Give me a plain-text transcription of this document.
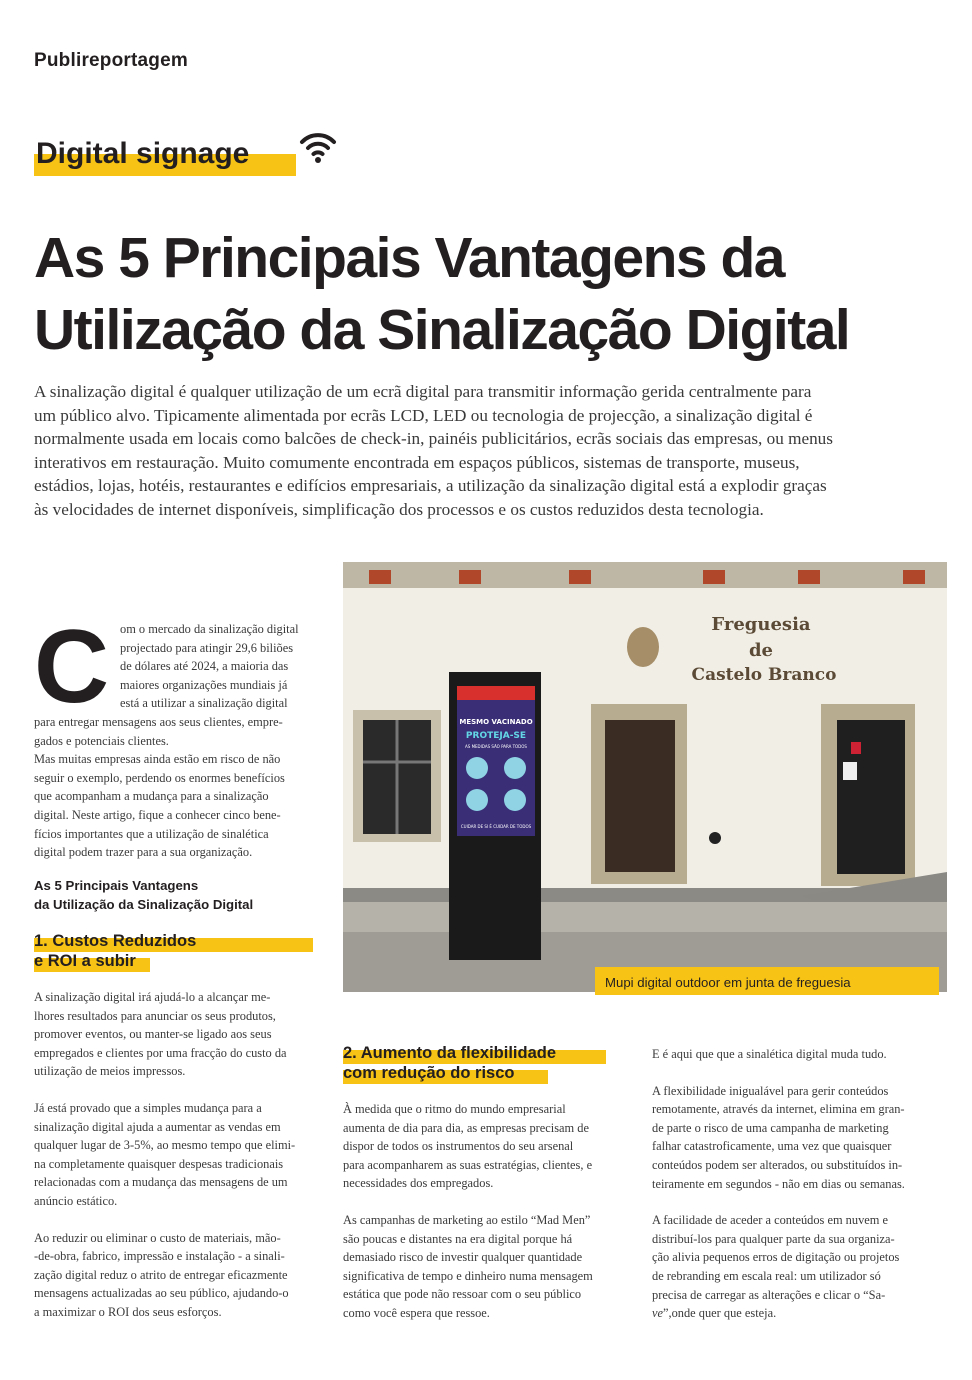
Publireportagem
Digital signage
As 5 Principais Vantagens da
Utilização da Sinalização Digital

A sinalização digital é qualquer utilização de um ecrã digital para transmitir informação gerida centralmente para

um público alvo. Tipicamente alimentada por ecrãs LCD, LED ou tecnologia de projecção, a sinalização digital é

normalmente usada em locais como balcões de check-in, painéis publicitários, ecrãs sociais das empresas, ou menus

interativos em restauração. Muito comumente encontrada em espaços públicos, sistemas de transporte, museus,

estádios, lojas, hotéis, restaurantes e edifícios empresariais, a utilização da sinalização digital está a explodir graças

às velocidades de internet disponíveis, simplificação dos processos e os custos reduzidos desta tecnologia.

C om o mercado da sinalização digital
projectado para atingir 29,6 biliões
de dólares até 2024, a maioria das
maiores organizações mundiais já
está a utilizar a sinalização digital

para entregar mensagens aos seus clientes, empre-

gados e potenciais clientes.

Mas muitas empresas ainda estão em risco de não

seguir o exemplo, perdendo os enormes benefícios

que acompanham a mudança para a sinalização

digital. Neste artigo, fique a conhecer cinco bene-

fícios importantes que a utilização de sinalética

digital podem trazer para a sua organização.

As 5 Principais Vantagens
da Utilização da Sinalização Digital
1. Custos Reduzidos
e ROI a subir

A sinalização digital irá ajudá-lo a alcançar me-

lhores resultados para anunciar os seus produtos,

promover eventos, ou manter-se ligado aos seus

empregados e clientes por uma fracção do custo da

utilização de meios impressos.

Já está provado que a simples mudança para a

sinalização digital ajuda a aumentar as vendas em

qualquer lugar de 3-5%, ao mesmo tempo que elimi-

na completamente quaisquer despesas tradicionais

relacionadas com a mudança das mensagens de um

anúncio estático.

Ao reduzir ou eliminar o custo de materiais, mão-

-de-obra, fabrico, impressão e instalação - a sinali-

zação digital reduz o atrito de entregar eficazmente

mensagens actualizadas ao seu público, ajudando-o

a maximizar o ROI dos seus esforços.

Freguesia
de
Castelo Branco
MESMO VACINADO
PROTEJA-SE
AS MEDIDAS SÃO PARA TODOS
CUIDAR DE SI É CUIDAR DE TODOS
Mupi digital outdoor em junta de freguesia
2. Aumento da flexibilidade
com redução do risco

À medida que o ritmo do mundo empresarial

aumenta de dia para dia, as empresas precisam de

dispor de todos os instrumentos do seu arsenal

para acompanharem as suas estratégias, clientes, e

necessidades dos empregados.

As campanhas de marketing ao estilo “Mad Men”

são poucas e distantes na era digital porque há

demasiado risco de investir qualquer quantidade

significativa de tempo e dinheiro numa mensagem

estática que pode não ressoar com o seu público

como você espera que ressoe.

E é aqui que que a sinalética digital muda tudo.

A flexibilidade inigualável para gerir conteúdos

remotamente, através da internet, elimina em gran-

de parte o risco de uma campanha de marketing

falhar catastroficamente, uma vez que quaisquer

conteúdos podem ser alterados, ou substituídos in-

teiramente em segundos - não em dias ou semanas.

A facilidade de aceder a conteúdos em nuvem e

distribuí-los para qualquer parte da sua organiza-

ção alivia pequenos erros de digitação ou projetos

de rebranding em escala real: um utilizador só

precisa de carregar as alterações e clicar o “Sa-

ve”,onde quer que esteja.
